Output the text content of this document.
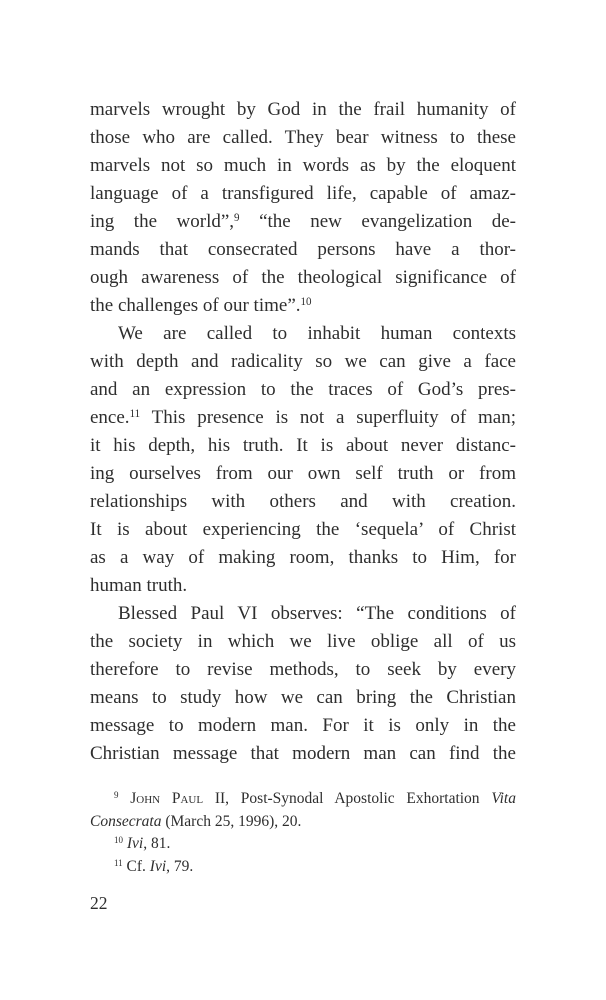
marvels wrought by God in the frail humanity of
those who are called. They bear witness to these
marvels not so much in words as by the eloquent
language of a transfigured life, capable of amaz-
ing the world”,$^9$ “the new evangelization de-
mands that consecrated persons have a thor-
ough awareness of the theological significance of
the challenges of our time”.$^{10}$
We are called to inhabit human contexts
with depth and radicality so we can give a face
and an expression to the traces of God’s pres-
ence.$^{11}$ This presence is not a superfluity of man;
it his depth, his truth. It is about never distanc-
ing ourselves from our own self truth or from
relationships with others and with creation.
It is about experiencing the ‘sequela’ of Christ
as a way of making room, thanks to Him, for
human truth.
Blessed Paul VI observes: “The conditions of
the society in which we live oblige all of us
therefore to revise methods, to seek by every
means to study how we can bring the Christian
message to modern man. For it is only in the
Christian message that modern man can find the
$^9$ John Paul II, Post-Synodal Apostolic Exhortation Vita
Consecrata (March 25, 1996), 20.
$^{10}$ Ivi, 81.
$^{11}$ Cf. Ivi, 79.
22
